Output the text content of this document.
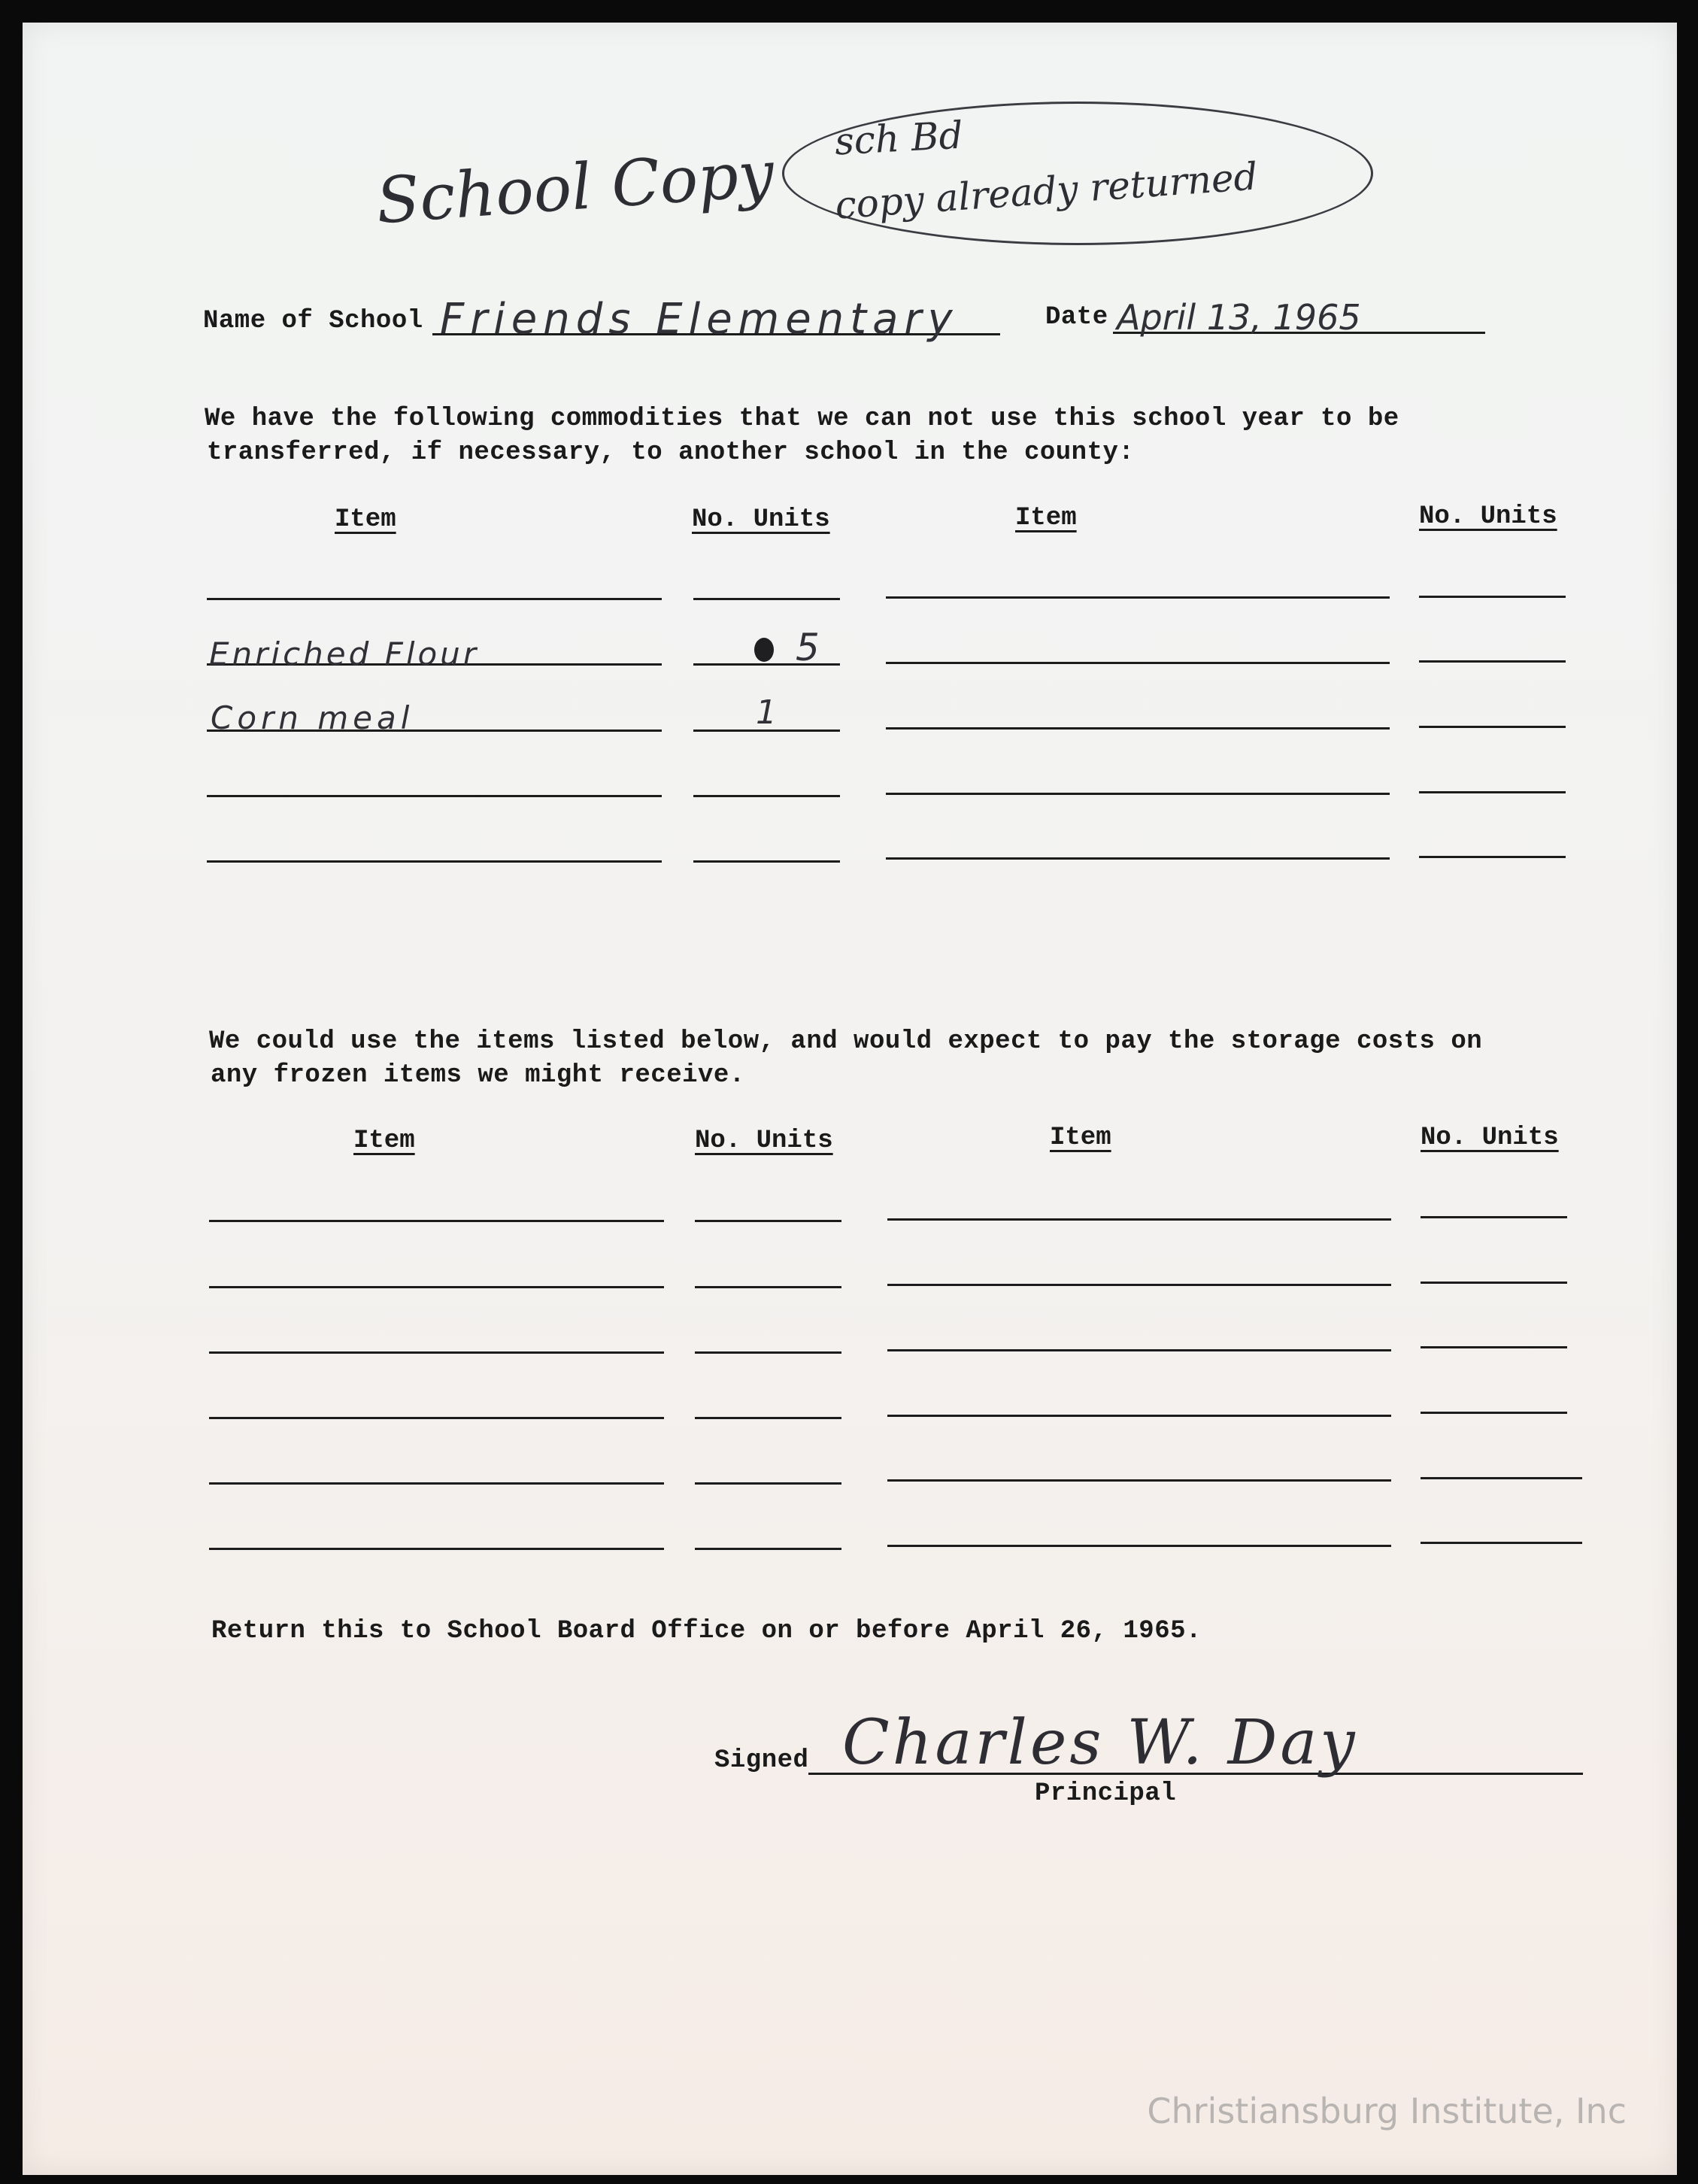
School Copy sch Bd
copy already returned
Name of School Friends Elementary	Date April 13, 1965
We have the following commodities that we can not use this school year to be
transferred, if necessary, to another school in the county:
Item	No. Units	Item	No. Units
Enriched Flour	5
Corn meal	1
We could use the items listed below, and would expect to pay the storage costs on
any frozen items we might receive.
Item	No. Units	Item	No. Units
Return this to School Board Office on or before April 26, 1965.
Signed Charles W. Day
Principal
Christiansburg Institute, Inc
